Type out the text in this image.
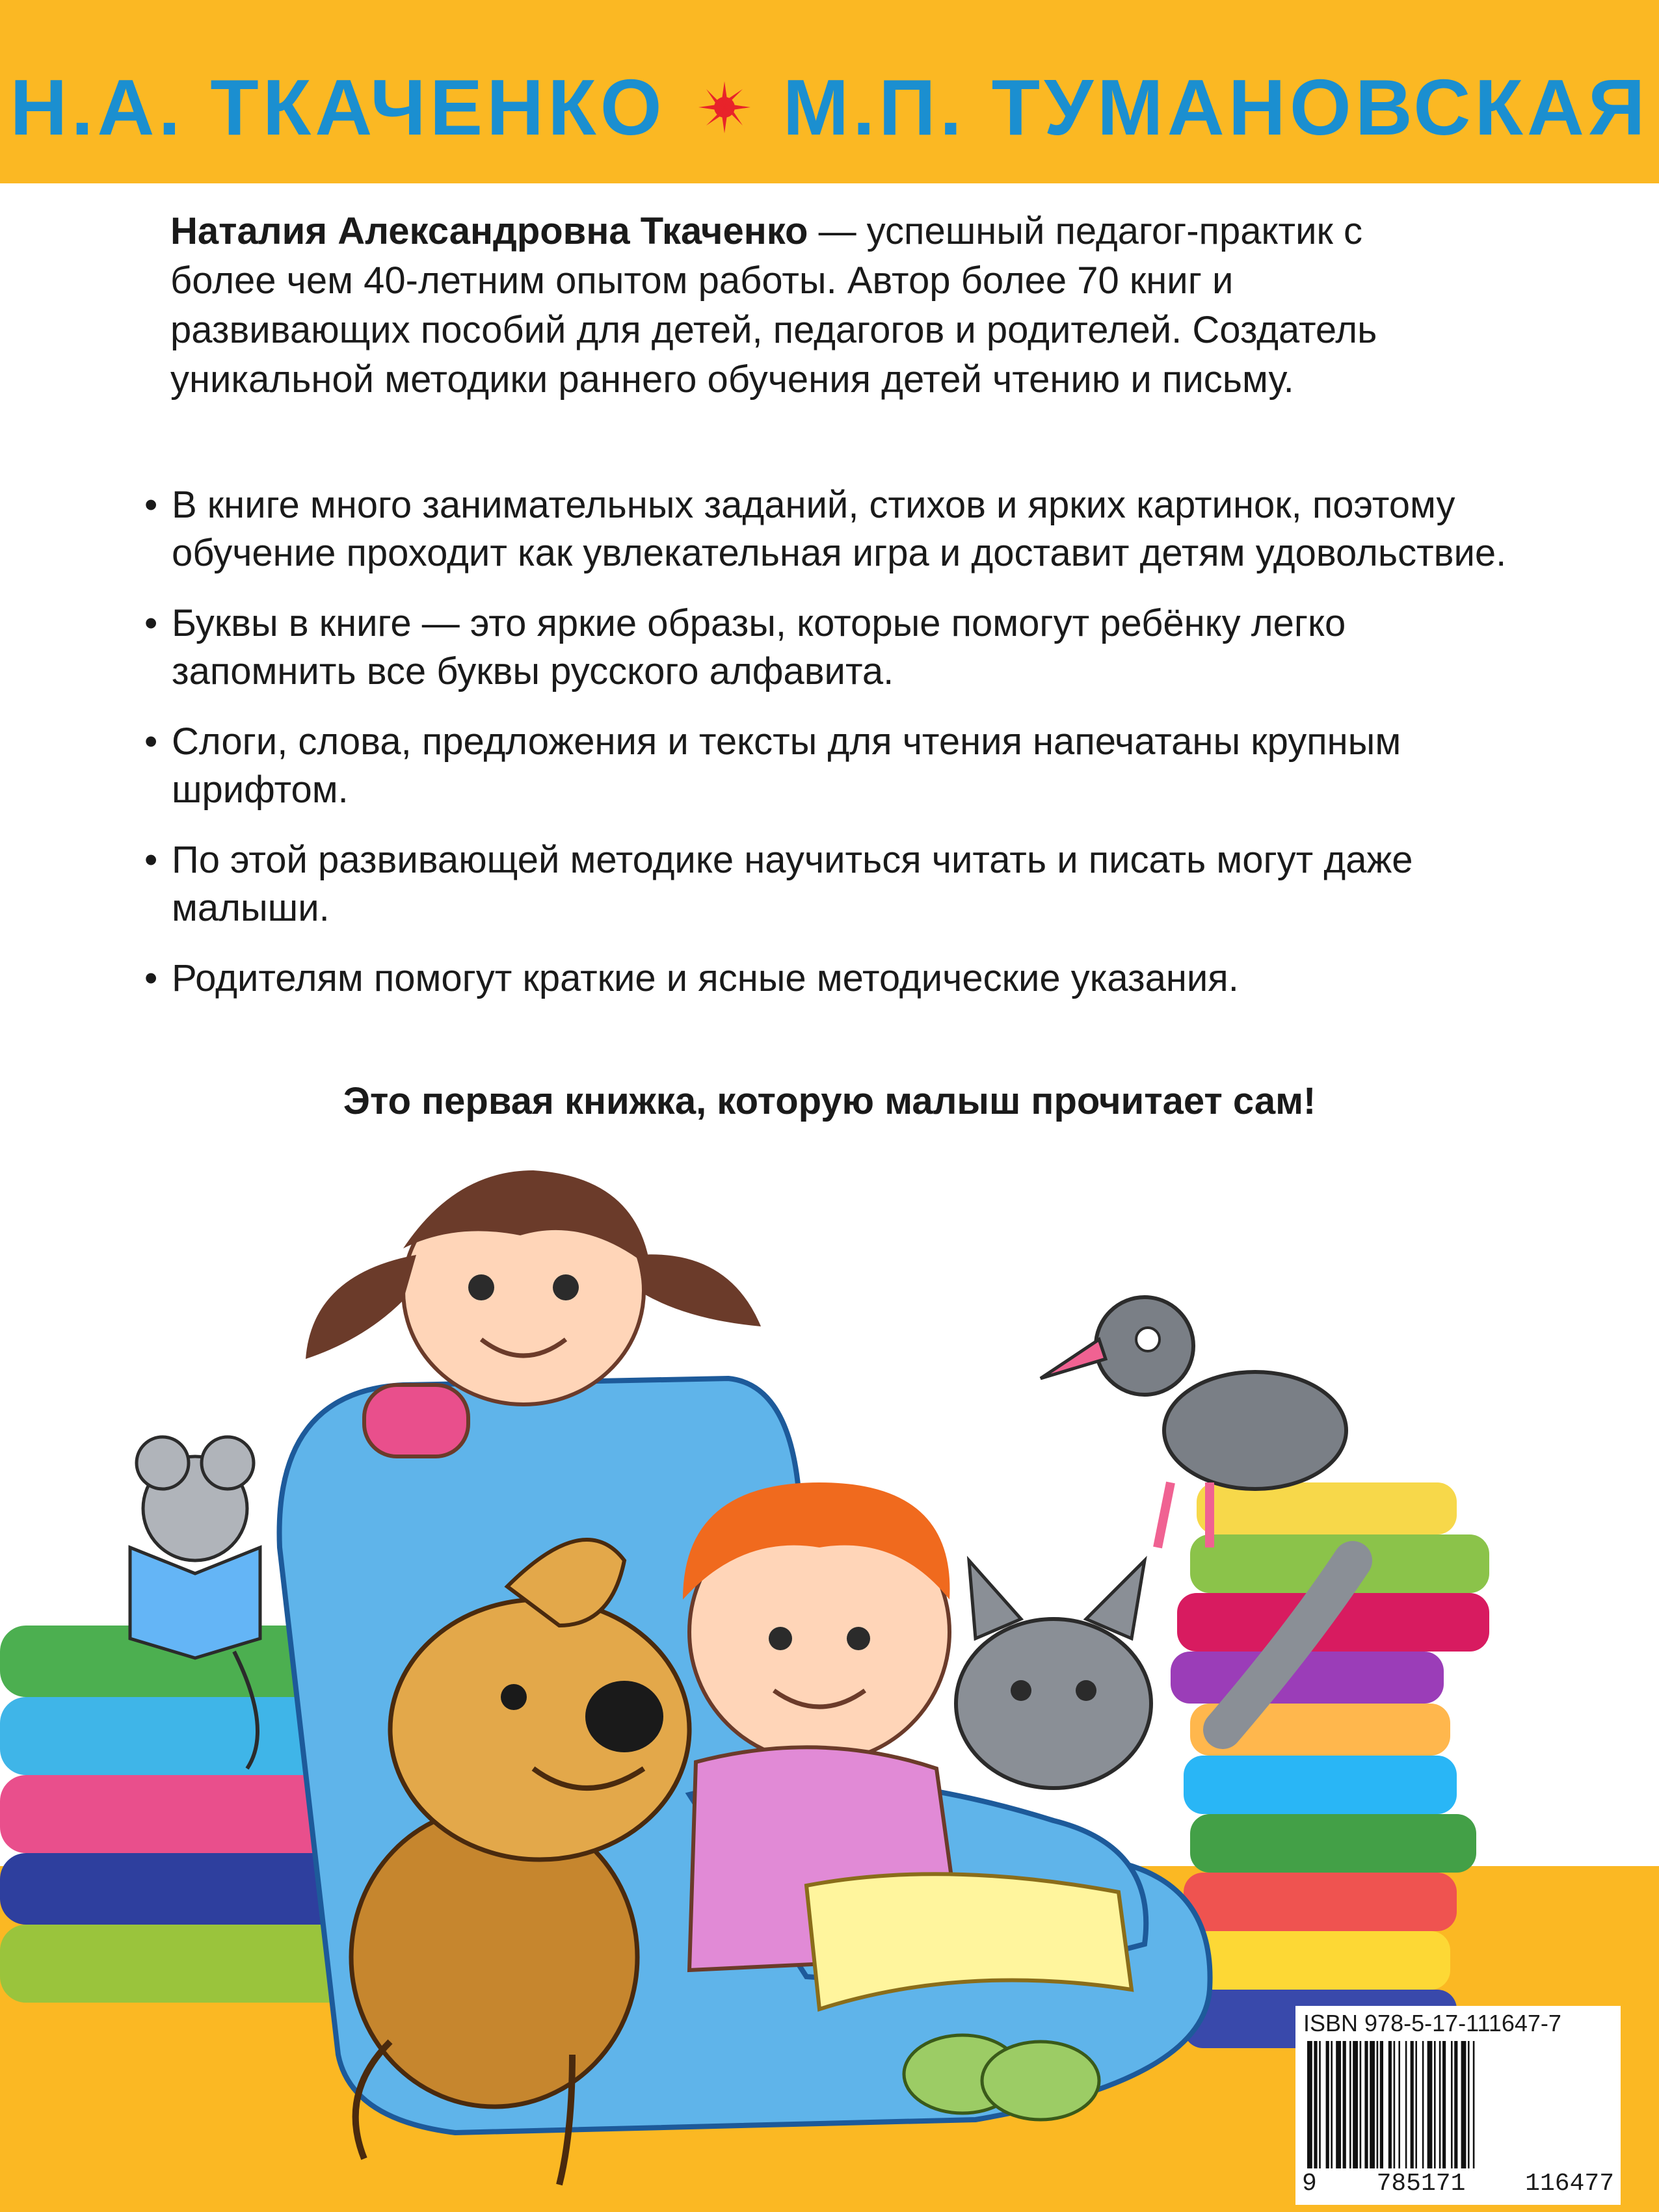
Н.А. ТКАЧЕНКО М.П. ТУМАНОВСКАЯ
Наталия Александровна Ткаченко — успешный педагог-практик с более чем 40-летним опытом работы. Автор более 70 книг и развивающих пособий для детей, педагогов и родителей. Создатель уникальной методики раннего обучения детей чтению и письму.
• В книге много занимательных заданий, стихов и ярких картинок, поэтому обучение проходит как увлекательная игра и доставит детям удовольствие.
• Буквы в книге — это яркие образы, которые помогут ребёнку легко запомнить все буквы русского алфавита.
• Слоги, слова, предложения и тексты для чтения напечатаны крупным шрифтом.
• По этой развивающей методике научиться читать и писать могут даже малыши.
• Родителям помогут краткие и ясные методические указания.
Это первая книжка, которую малыш прочитает сам!
ISBN 978-5-17-111647-7
9 785171 116477
